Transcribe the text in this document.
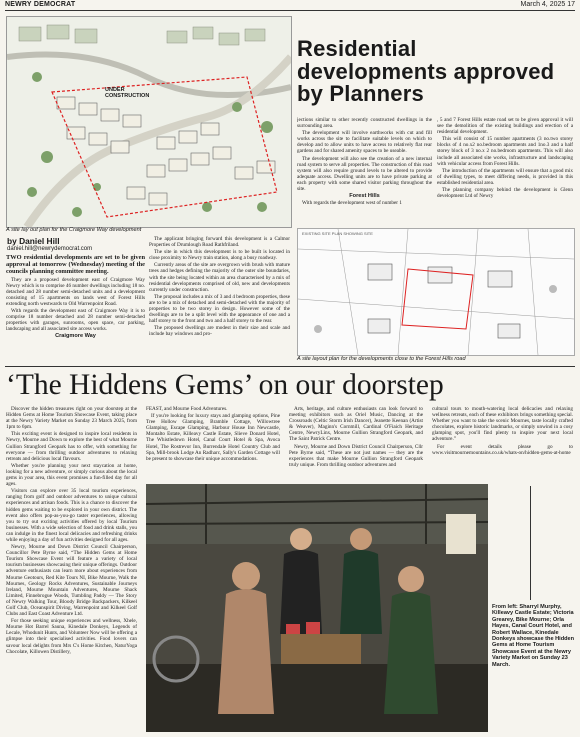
NEWRY DEMOCRAT	March 4, 2025 17
UNDER CONSTRUCTION
A site lay out plan for the Craigmore Way development
Residential developments approved by Planners
by Daniel Hill
daniel.hill@newrydemocrat.com

TWO residential developments are set to be given approval at tomorrow (Wednesday) meeting of the councils planning committee meeting.

They are a proposed development east of Craigmore Way Newry which is to comprise 46 number dwellings including 18 no. detached and 28 number semi-detached units and a development consisting of 15 apartments on lands west of Forest Hills extending north westwards to Old Warrenpoint Road.

With regards the development east of Craigmore Way it is to comprise 18 number detached and 28 number semi-detached properties with garages, sunrooms, open space, car parking, landscaping and all associated site access works.

Craigmore Way

The applicant bringing forward this development is a Calmor Properties of Drumlough Road Rathfriland.

The site in which this development is to be built is located in close proximity to Newry train station, along a busy roadway.

Currently areas of the site are overgrown with brush with mature trees and hedges defining the majority of the outer site boundaries, with the site being located within an area characterised by a mix of residential developments comprised of old, new and developments currently under construction.

The proposal includes a mix of 3 and 4 bedroom properties, these are to be a mix of detached and semi-detached with the majority of properties to be two storey in design. However some of the dwellings are to be a split level with the appearance of one and a half storey to the front and two and a half storey to the rear.

The proposed dwellings are modest in their size and scale and include bay windows and pro-

jections similar to other recently constructed dwellings in the surrounding area.

The development will involve earthworks with cut and fill works across the site to facilitate suitable levels on which to develop and to allow units to have access to relatively flat rear gardens and for shared amenity spaces to be useable.

The development will also see the creation of a new internal road system to serve all properties. The construction of this road system will also require ground levels to be altered to provide adequate access. Dwelling units are to have private parking at each property with some shared visitor parking throughout the site.

Forest Hills

With regards the development west of number 1

, 5 and 7 Forest Hills estate road set to be given approval it will see the demolition of the existing buildings and erection of a residential development.

This will consist of 15 number apartments (3 no.two storey blocks of 4 no.x2 no.bedroom apartments and 1no.3 and a half storey block of 3 no.x 2 no.bedroom apartments. This will also include all associated site works, infrastructure and landscaping with vehicular access from Forest Hills.

The introduction of the apartments will ensure that a good mix of dwelling types, to meet differing needs, is provided in this established residential area.

The planning company behind the development is Glenn development Ltd of Newry

EXISTING SITE PLAN SHOWING SITE
A site layout plan for the developments close to the Forest Hills road
‘The Hiddens Gems’ on our doorstep

Discover the hidden treasures right on your doorstep at the Hidden Gems at Home Tourism Showcase Event, taking place at the Newry Variety Market on Sunday 23 March 2025, from 1pm to 6pm.

This exciting event is designed to inspire local residents in Newry, Mourne and Down to explore the best of what Mourne Gullion Strangford Geopark has to offer, with something for everyone — from thrilling outdoor adventures to relaxing retreats and delicious local flavours.

Whether you're planning your next staycation at home, looking for a new adventure, or simply curious about the local gems in your area, this event promises a fun-filled day for all ages.

Visitors can explore over 35 local tourism experiences, ranging from golf and outdoor adventures to unique cultural experiences and artisan foods. This is a chance to discover the hidden gems waiting to be explored in your own district. The event also offers pop-as-you-go taster experiences, allowing you to try out exciting activities offered by local Tourism businesses. With a wide selection of food and drink stalls, you can indulge in the finest local delicacies and refreshing drinks while enjoying a day of fun activities designed for all ages.

Newry, Mourne and Down District Council Chairperson, Councillor Pete Byrne said, “The Hidden Gems at Home Tourism Showcase Event will feature a variety of local tourism businesses showcasing their unique offerings. Outdoor adventure enthusiasts can learn more about experiences from Mourne Geotours, Red Kite Tours NI, Bike Mourne, Walk the Mournes, Geology Rocks Adventures, Sustainable Journeys Ireland, Mourne Mountain Adventures, Mourne Shack Limited, Finnebrogue Woods, Tumbling Paddy — The Story of Newry Walking Tour, Bloody Bridge Backpackers, Kilkeel Golf Club, Oceanspirit Diving, Warrenpoint and Kilkeel Golf Clubs and East Coast Adventure Ltd.

For those seeking unique experiences and wellness, Xhele, Mourne Hot Barrel Sauna, Kinedale Donkeys, Legends of Lecale, Whodunit Hunts, and Volunteer Now will be offering a glimpse into their specialised activities. Food lovers can savour local delights from Mrs C's Home Kitchen, NaturYoga Chocolate, Killowen Distillery,

FEAST, and Mourne Food Adventures.

If you're looking for luxury stays and glamping options, Pine Tree Hollow Glamping, Bramble Cottage, Willowtree Glamping, Escape Glamping, Harbour House Inn Newcastle, Montalto Estate, Killeavy Castle Estate, Slieve Donard Hotel, The Whistledown Hotel, Canal Court Hotel & Spa, Avoca Hotel, The Rostrevor Inn, Burrendale Hotel Country Club and Spa, Mill-brook Lodge An Radharc, Sally's Garden Cottage will be present to showcase their unique accommodations.

Arts, heritage, and culture enthusiasts can look forward to meeting exhibitors such as Oriel Music, Dancing at the Crossroads (Celtic Storm Irish Dancer), Jeanette Keenan (Artist & Weaver), Maginn's Cornmill, Cardinal O'Fiaich Heritage Centre, NewryLinx, Mourne Gullion Strangford Geopark, and The Saint Patrick Centre.

Newry, Mourne and Down District Council Chairperson, Cllr Pete Byrne said, “These are not just names — they are the experiences that make Mourne Gullion Strangford Geopark truly unique. From thrilling outdoor adventures and

cultural tours to mouth-watering local delicacies and relaxing wellness retreats, each of these exhibitors brings something special. Whether you want to take the scenic Mournes, taste locally crafted chocolates, explore historic landmarks, or simply unwind in a cosy glamping spot, you'll find plenty to inspire your next local adventure.”

For event details please go to www.visitmournemountains.co.uk/whats-on/hidden-gems-at-home

From left: Sharryl Murphy, Killeavy Castle Estate; Victoria Grearey, Bike Mourne; Orla Hayes, Canal Court Hotel, and Robert Wallace, Kinedale Donkeys showcase the Hidden Gems at Home Tourism Showcase Event at the Newry Variety Market on Sunday 23 March.
